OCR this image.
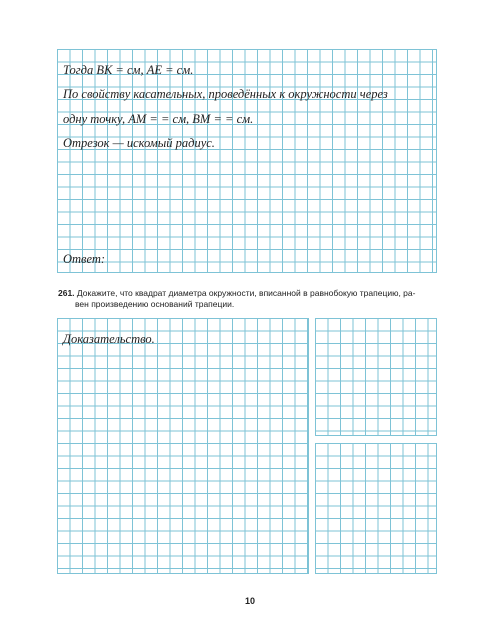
Тогда ВК = см, АЕ = см.
По свойству касательных, проведённых к окружности через
одну точку, AM = = см, BM = = см.
Отрезок — искомый радиус.
Ответ:
261. Докажите, что квадрат диаметра окружности, вписанной в равнобокую трапецию, ра-
вен произведению оснований трапеции.
Доказательство.
10
